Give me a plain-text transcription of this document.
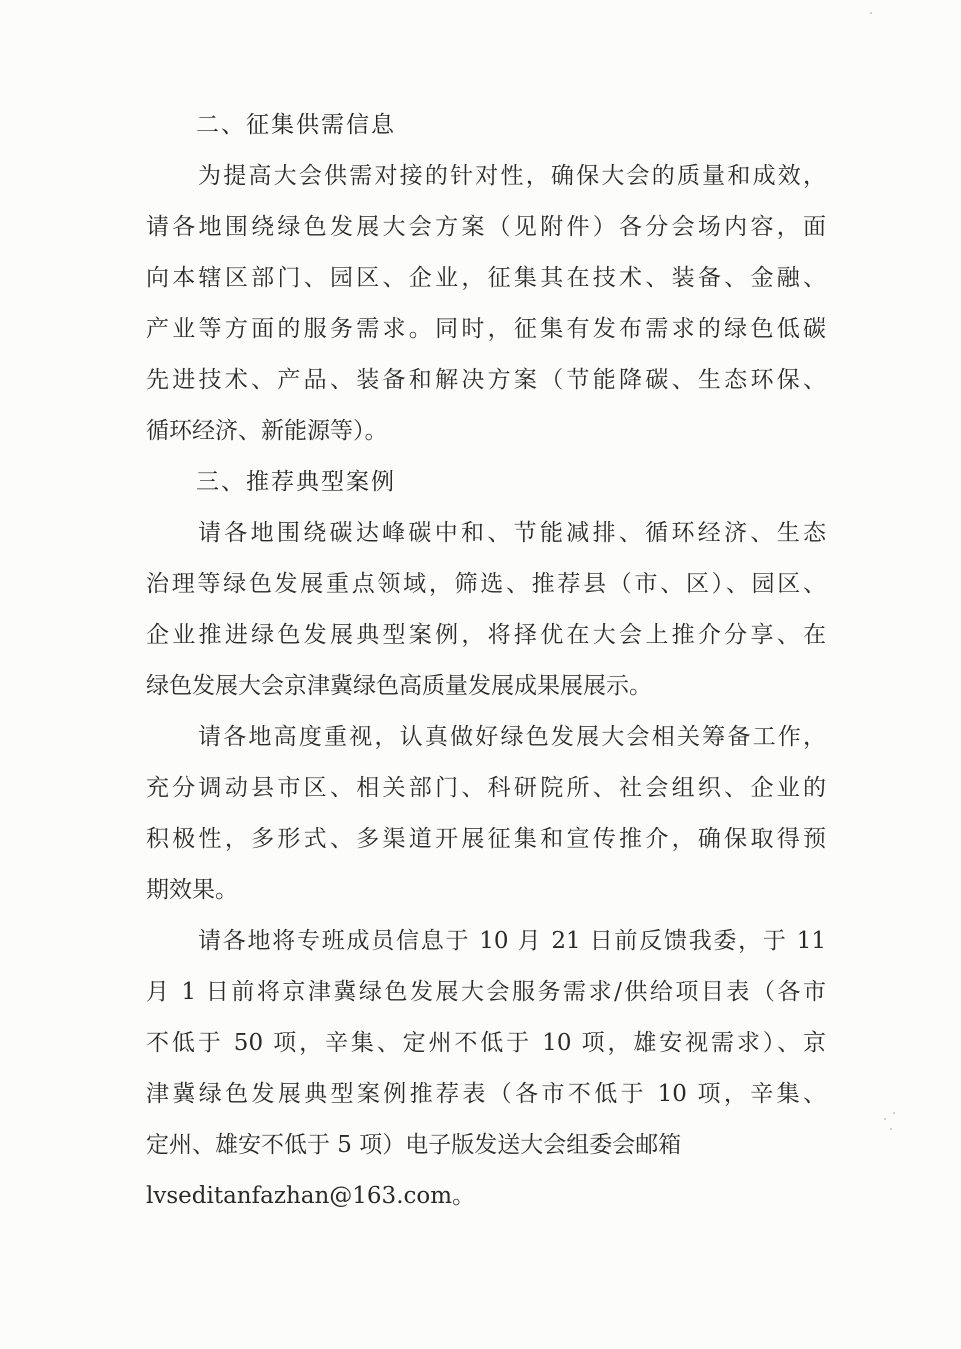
二、征集供需信息

为提高大会供需对接的针对性，确保大会的质量和成效，
请各地围绕绿色发展大会方案（见附件）各分会场内容，面
向本辖区部门、园区、企业，征集其在技术、装备、金融、
产业等方面的服务需求。同时，征集有发布需求的绿色低碳
先进技术、产品、装备和解决方案（节能降碳、生态环保、
循环经济、新能源等）。

三、推荐典型案例

请各地围绕碳达峰碳中和、节能减排、循环经济、生态
治理等绿色发展重点领域，筛选、推荐县（市、区）、园区、
企业推进绿色发展典型案例，将择优在大会上推介分享、在
绿色发展大会京津冀绿色高质量发展成果展展示。

请各地高度重视，认真做好绿色发展大会相关筹备工作，
充分调动县市区、相关部门、科研院所、社会组织、企业的
积极性，多形式、多渠道开展征集和宣传推介，确保取得预
期效果。

请各地将专班成员信息于 10 月 21 日前反馈我委，于 11
月 1 日前将京津冀绿色发展大会服务需求/供给项目表（各市
不低于 50 项，辛集、定州不低于 10 项，雄安视需求）、京
津冀绿色发展典型案例推荐表（各市不低于 10 项，辛集、
定州、雄安不低于 5 项）电子版发送大会组委会邮箱
lvseditanfazhan@163.com。
